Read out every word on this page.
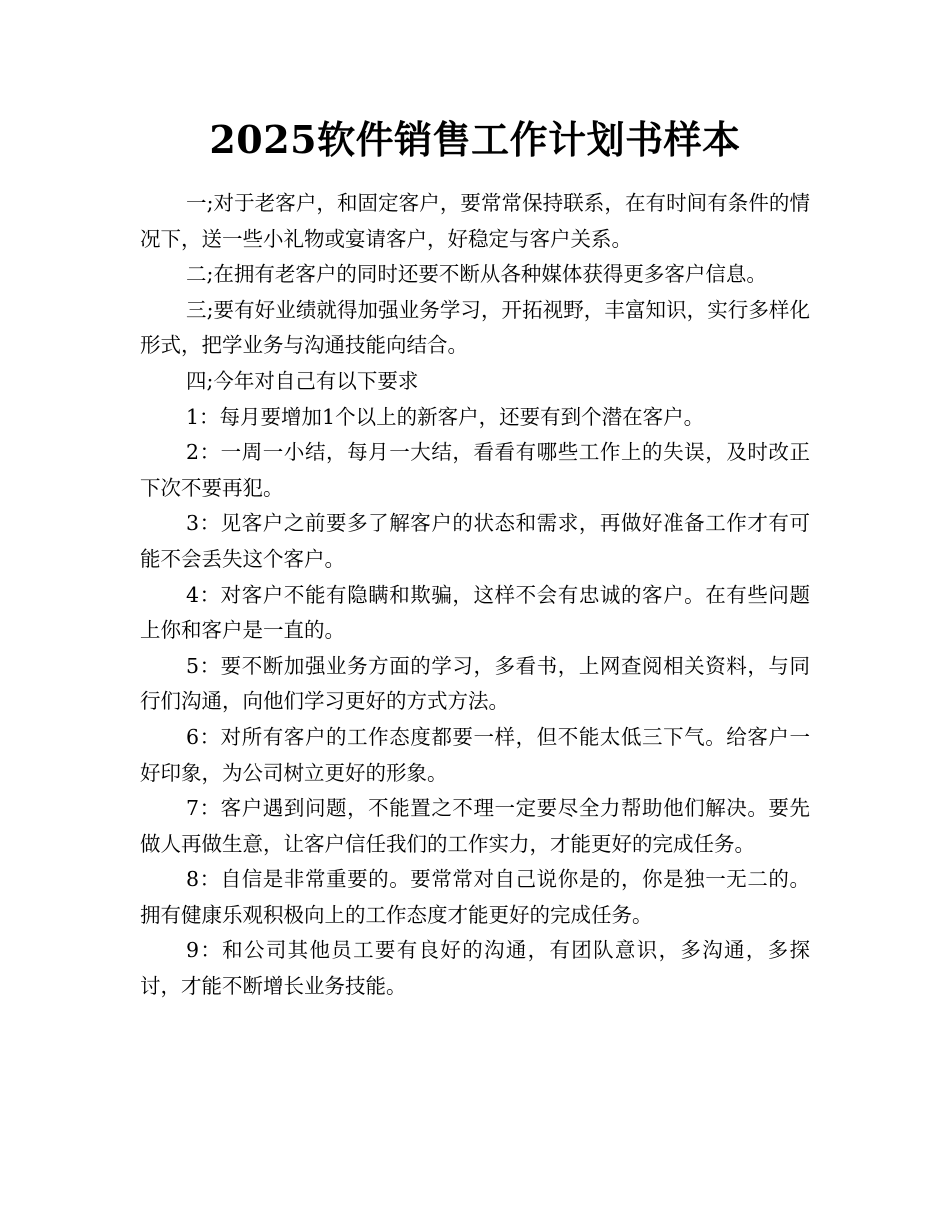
2025软件销售工作计划书样本

一;对于老客户，和固定客户，要常常保持联系，在有时间有条件的情况下，送一些小礼物或宴请客户，好稳定与客户关系。

二;在拥有老客户的同时还要不断从各种媒体获得更多客户信息。

三;要有好业绩就得加强业务学习，开拓视野，丰富知识，实行多样化形式，把学业务与沟通技能向结合。

四;今年对自己有以下要求

1：每月要增加1个以上的新客户，还要有到个潜在客户。

2：一周一小结，每月一大结，看看有哪些工作上的失误，及时改正下次不要再犯。

3：见客户之前要多了解客户的状态和需求，再做好准备工作才有可能不会丢失这个客户。

4：对客户不能有隐瞒和欺骗，这样不会有忠诚的客户。在有些问题上你和客户是一直的。

5：要不断加强业务方面的学习，多看书，上网查阅相关资料，与同行们沟通，向他们学习更好的方式方法。

6：对所有客户的工作态度都要一样，但不能太低三下气。给客户一好印象，为公司树立更好的形象。

7：客户遇到问题，不能置之不理一定要尽全力帮助他们解决。要先做人再做生意，让客户信任我们的工作实力，才能更好的完成任务。

8：自信是非常重要的。要常常对自己说你是的，你是独一无二的。拥有健康乐观积极向上的工作态度才能更好的完成任务。

9：和公司其他员工要有良好的沟通，有团队意识，多沟通，多探讨，才能不断增长业务技能。
